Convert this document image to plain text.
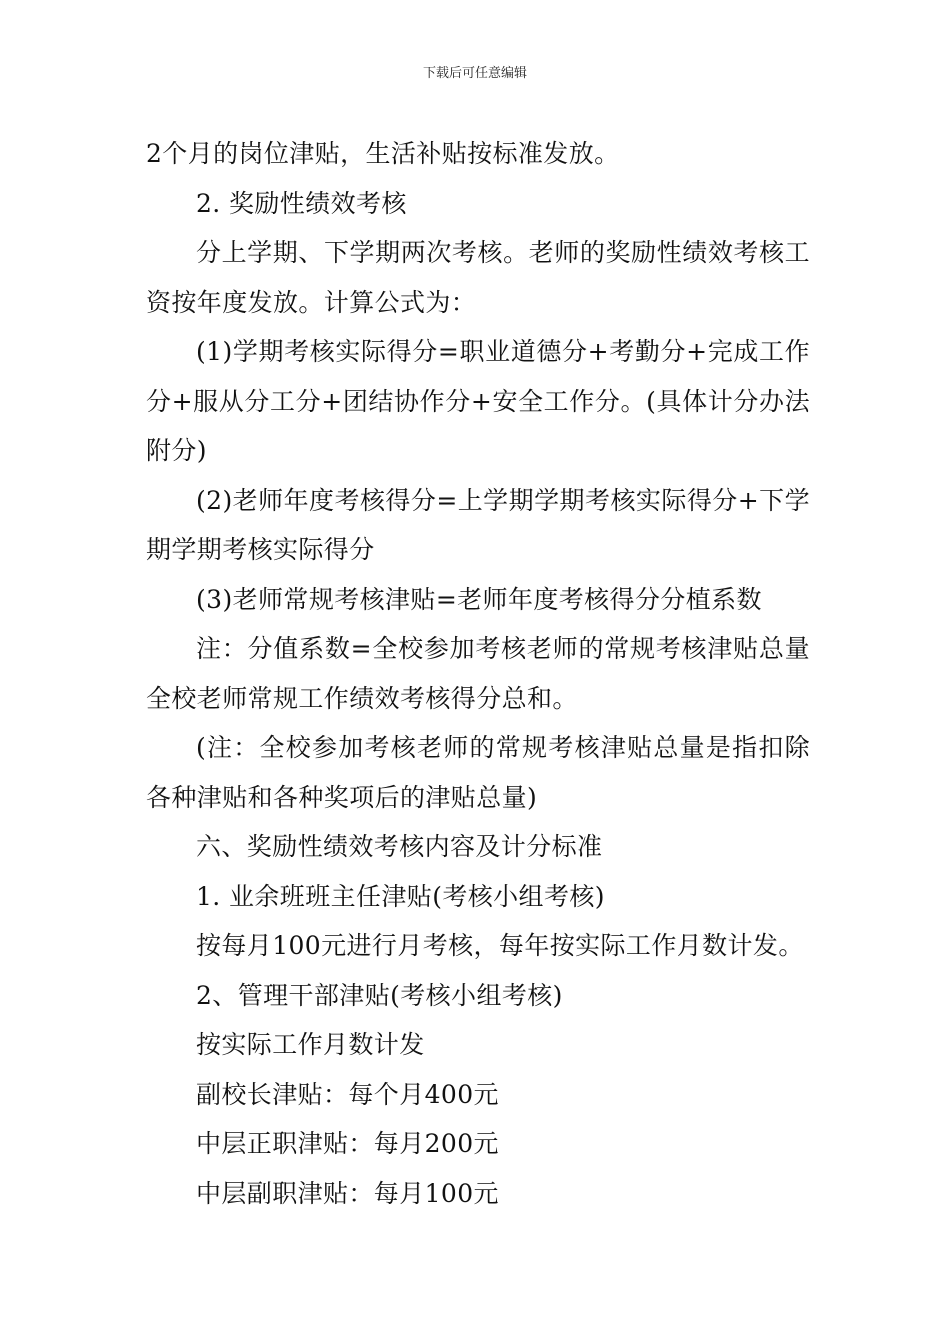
下载后可任意编辑

2个月的岗位津贴，生活补贴按标准发放。

2. 奖励性绩效考核

分上学期、下学期两次考核。老师的奖励性绩效考核工资按年度发放。计算公式为：

(1)学期考核实际得分=职业道德分+考勤分+完成工作分+服从分工分+团结协作分+安全工作分。(具体计分办法附分)

(2)老师年度考核得分=上学期学期考核实际得分+下学期学期考核实际得分

(3)老师常规考核津贴=老师年度考核得分分植系数

注：分值系数=全校参加考核老师的常规考核津贴总量全校老师常规工作绩效考核得分总和。

(注：全校参加考核老师的常规考核津贴总量是指扣除各种津贴和各种奖项后的津贴总量)

六、奖励性绩效考核内容及计分标准

1. 业余班班主任津贴(考核小组考核)

按每月100元进行月考核，每年按实际工作月数计发。

2、管理干部津贴(考核小组考核)

按实际工作月数计发

副校长津贴：每个月400元

中层正职津贴：每月200元

中层副职津贴：每月100元
